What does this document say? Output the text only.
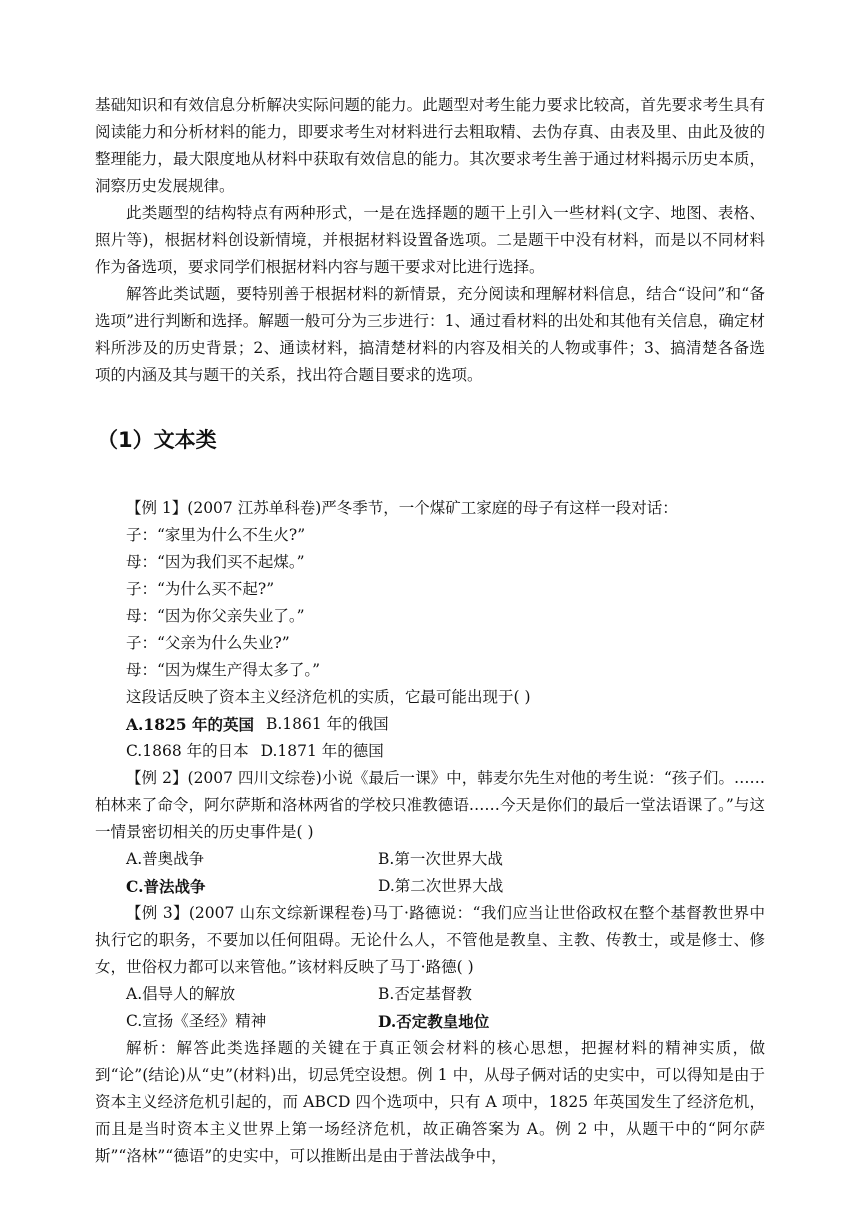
基础知识和有效信息分析解决实际问题的能力。此题型对考生能力要求比较高，首先要求考生具有阅读能力和分析材料的能力，即要求考生对材料进行去粗取精、去伪存真、由表及里、由此及彼的整理能力，最大限度地从材料中获取有效信息的能力。其次要求考生善于通过材料揭示历史本质，洞察历史发展规律。

此类题型的结构特点有两种形式，一是在选择题的题干上引入一些材料(文字、地图、表格、照片等)，根据材料创设新情境，并根据材料设置备选项。二是题干中没有材料，而是以不同材料作为备选项，要求同学们根据材料内容与题干要求对比进行选择。

解答此类试题，要特别善于根据材料的新情景，充分阅读和理解材料信息，结合“设问”和“备选项”进行判断和选择。解题一般可分为三步进行：1、通过看材料的出处和其他有关信息，确定材料所涉及的历史背景；2、通读材料，搞清楚材料的内容及相关的人物或事件；3、搞清楚各备选项的内涵及其与题干的关系，找出符合题目要求的选项。

（1）文本类

【例 1】(2007 江苏单科卷)严冬季节，一个煤矿工家庭的母子有这样一段对话：

子：“家里为什么不生火?”

母：“因为我们买不起煤。”

子：“为什么买不起?”

母：“因为你父亲失业了。”

子：“父亲为什么失业?”

母：“因为煤生产得太多了。”

这段话反映了资本主义经济危机的实质，它最可能出现于( )

A.1825 年的英国 B.1861 年的俄国

C.1868 年的日本 D.1871 年的德国

【例 2】(2007 四川文综卷)小说《最后一课》中，韩麦尔先生对他的考生说：“孩子们。……柏林来了命令，阿尔萨斯和洛林两省的学校只准教德语……今天是你们的最后一堂法语课了。”与这一情景密切相关的历史事件是( )

A.普奥战争	B.第一次世界大战

C.普法战争	D.第二次世界大战

【例 3】(2007 山东文综新课程卷)马丁·路德说：“我们应当让世俗政权在整个基督教世界中执行它的职务，不要加以任何阻碍。无论什么人，不管他是教皇、主教、传教士，或是修士、修女，世俗权力都可以来管他。”该材料反映了马丁·路德( )

A.倡导人的解放	B.否定基督教

C.宣扬《圣经》精神	D.否定教皇地位

解析：解答此类选择题的关键在于真正领会材料的核心思想，把握材料的精神实质，做到“论”(结论)从“史”(材料)出，切忌凭空设想。例 1 中，从母子俩对话的史实中，可以得知是由于资本主义经济危机引起的，而 ABCD 四个选项中，只有 A 项中，1825 年英国发生了经济危机，而且是当时资本主义世界上第一场经济危机，故正确答案为 A。例 2 中，从题干中的“阿尔萨斯”“洛林”“德语”的史实中，可以推断出是由于普法战争中，
